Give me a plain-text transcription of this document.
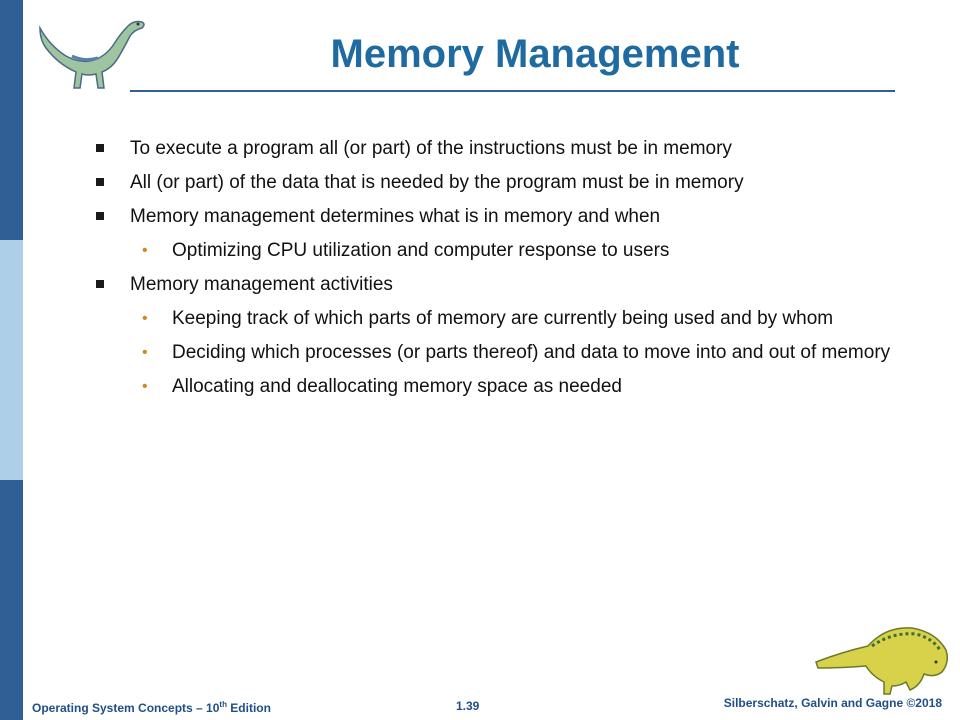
Memory Management
To execute a program all (or part) of the instructions must be in memory
All (or part) of the data that is needed by the program must be in memory
Memory management determines what is in memory and when
• Optimizing CPU utilization and computer response to users
Memory management activities
• Keeping track of which parts of memory are currently being used and by whom
• Deciding which processes (or parts thereof) and data to move into and out of memory
• Allocating and deallocating memory space as needed
Operating System Concepts – 10th Edition	1.39	Silberschatz, Galvin and Gagne ©2018
